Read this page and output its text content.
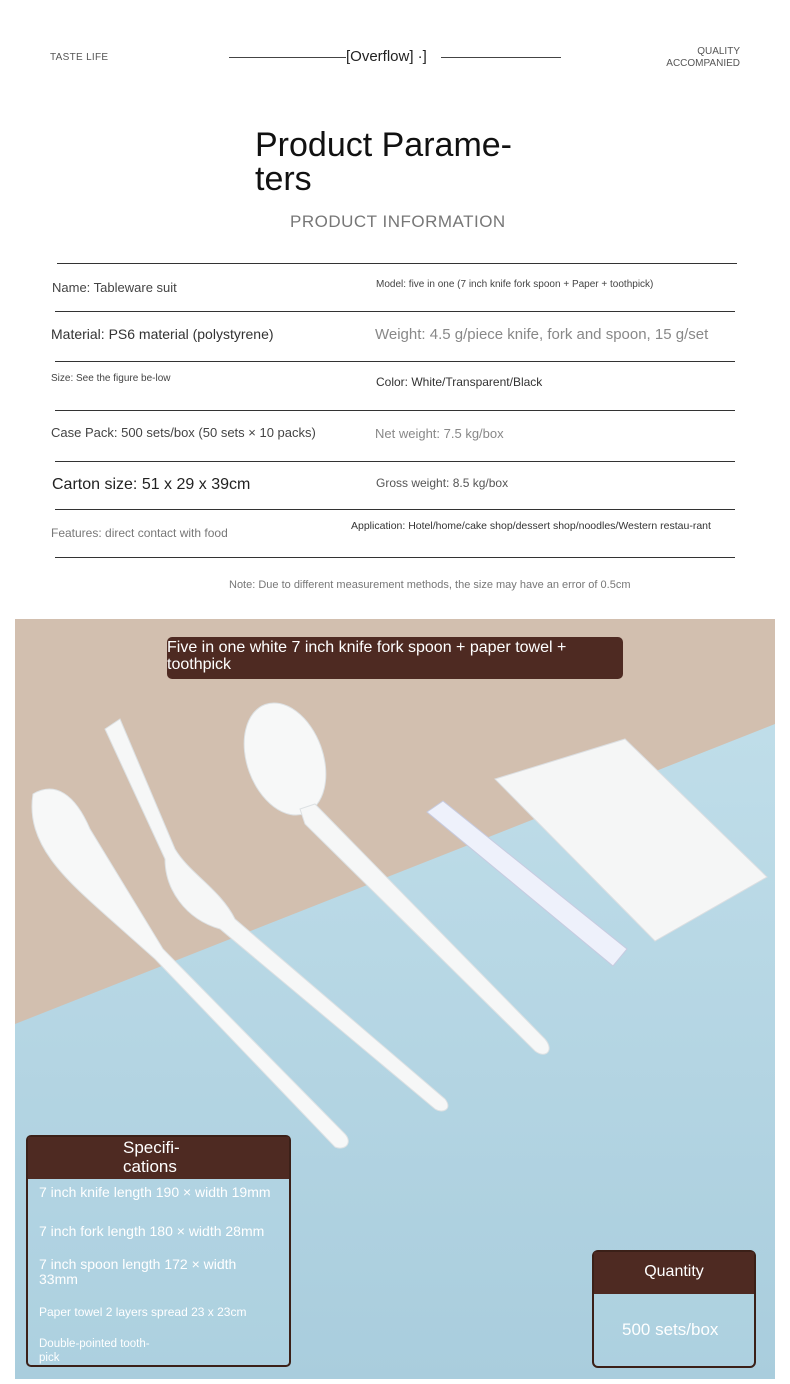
TASTE LIFE	[Overflow] ·]	QUALITY
ACCOMPANIED
Product Parame-ters
PRODUCT INFORMATION
Name: Tableware suit	Model: five in one (7 inch knife fork spoon + Paper + toothpick)
Material: PS6 material (polystyrene)	Weight: 4.5 g/piece knife, fork and spoon, 15 g/set
Size: See the figure be-low	Color: White/Transparent/Black
Case Pack: 500 sets/box (50 sets × 10 packs)	Net weight: 7.5 kg/box
Carton size: 51 x 29 x 39cm	Gross weight: 8.5 kg/box
Features: direct contact with food	Application: Hotel/home/cake shop/dessert shop/noodles/Western restau-rant
Note: Due to different measurement methods, the size may have an error of 0.5cm
Five in one white 7 inch knife fork spoon + paper towel + toothpick
Specifi-cations
7 inch knife length 190 × width 19mm
7 inch fork length 180 × width 28mm
7 inch spoon length 172 × width 33mm
Paper towel 2 layers spread 23 x 23cm
Double-pointed tooth-pick
Quantity
500 sets/box
